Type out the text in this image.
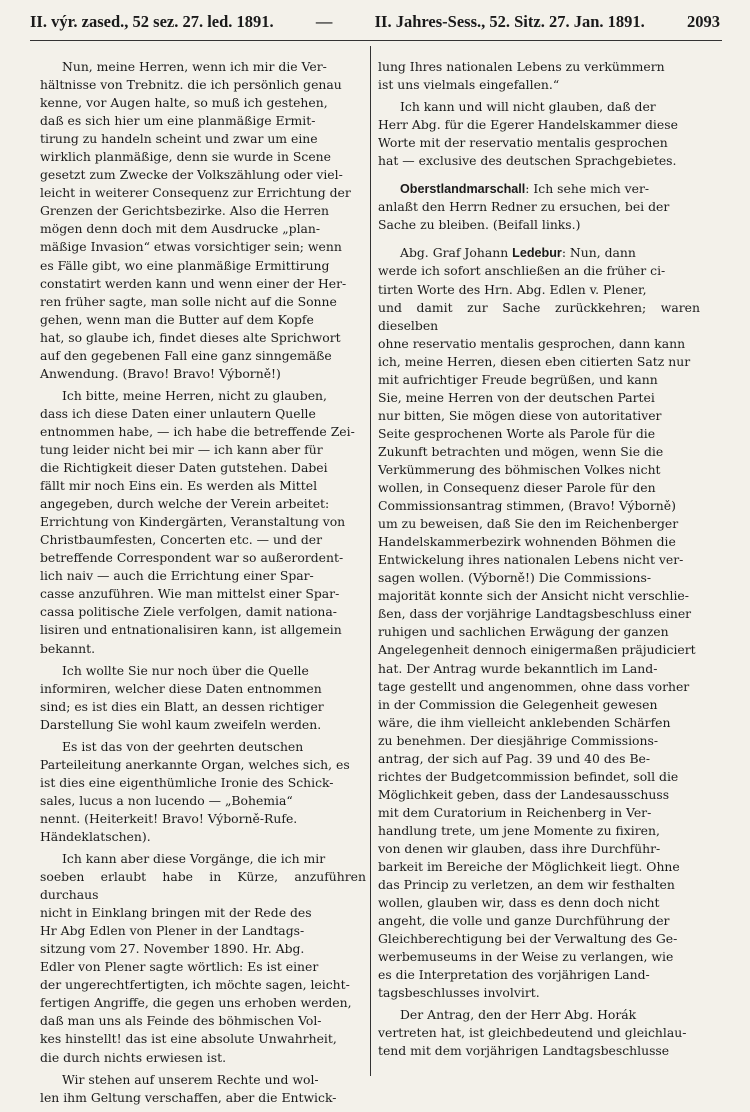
II. výr. zased., 52 sez. 27. led. 1891.	—	II. Jahres-Sess., 52. Sitz. 27. Jan. 1891.	2093

Nun, meine Herren, wenn ich mir die Ver-
hältnisse von Trebnitz. die ich persönlich genau
kenne, vor Augen halte, so muß ich gestehen,
daß es sich hier um eine planmäßige Ermit-
tirung zu handeln scheint und zwar um eine
wirklich planmäßige, denn sie wurde in Scene
gesetzt zum Zwecke der Volkszählung oder viel-
leicht in weiterer Consequenz zur Errichtung der
Grenzen der Gerichtsbezirke. Also die Herren
mögen denn doch mit dem Ausdrucke „plan-
mäßige Invasion“ etwas vorsichtiger sein; wenn
es Fälle gibt, wo eine planmäßige Ermittirung
constatirt werden kann und wenn einer der Her-
ren früher sagte, man solle nicht auf die Sonne
gehen, wenn man die Butter auf dem Kopfe
hat, so glaube ich, findet dieses alte Sprichwort
auf den gegebenen Fall eine ganz sinngemäße
Anwendung. (Bravo! Bravo! Výborně!)

Ich bitte, meine Herren, nicht zu glauben,
dass ich diese Daten einer unlautern Quelle
entnommen habe, — ich habe die betreffende Zei-
tung leider nicht bei mir — ich kann aber für
die Richtigkeit dieser Daten gutstehen. Dabei
fällt mir noch Eins ein. Es werden als Mittel
angegeben, durch welche der Verein arbeitet:
Errichtung von Kindergärten, Veranstaltung von
Christbaumfesten, Concerten etc. — und der
betreffende Correspondent war so außerordent-
lich naiv — auch die Errichtung einer Spar-
casse anzuführen. Wie man mittelst einer Spar-
cassa politische Ziele verfolgen, damit nationa-
lisiren und entnationalisiren kann, ist allgemein
bekannt.

Ich wollte Sie nur noch über die Quelle
informiren, welcher diese Daten entnommen
sind; es ist dies ein Blatt, an dessen richtiger
Darstellung Sie wohl kaum zweifeln werden.

Es ist das von der geehrten deutschen
Parteileitung anerkannte Organ, welches sich, es
ist dies eine eigenthümliche Ironie des Schick-
sales, lucus a non lucendo — „Bohemia“
nennt. (Heiterkeit! Bravo! Výborně-Rufe.
Händeklatschen).

Ich kann aber diese Vorgänge, die ich mir
soeben erlaubt habe in Kürze, anzuführen durchaus
nicht in Einklang bringen mit der Rede des
Hr Abg Edlen von Plener in der Landtags-
sitzung vom 27. November 1890. Hr. Abg.
Edler von Plener sagte wörtlich: Es ist einer
der ungerechtfertigten, ich möchte sagen, leicht-
fertigen Angriffe, die gegen uns erhoben werden,
daß man uns als Feinde des böhmischen Vol-
kes hinstellt! das ist eine absolute Unwahrheit,
die durch nichts erwiesen ist.

Wir stehen auf unserem Rechte und wol-
len ihm Geltung verschaffen, aber die Entwick-

lung Ihres nationalen Lebens zu verkümmern
ist uns vielmals eingefallen.“

Ich kann und will nicht glauben, daß der
Herr Abg. für die Egerer Handelskammer diese
Worte mit der reservatio mentalis gesprochen
hat — exclusive des deutschen Sprachgebietes.

Oberstlandmarschall: Ich sehe mich ver-
anlaßt den Herrn Redner zu ersuchen, bei der
Sache zu bleiben. (Beifall links.)

Abg. Graf Johann Ledebur: Nun, dann
werde ich sofort anschließen an die früher ci-
tirten Worte des Hrn. Abg. Edlen v. Plener,
und damit zur Sache zurückkehren; waren dieselben
ohne reservatio mentalis gesprochen, dann kann
ich, meine Herren, diesen eben citierten Satz nur
mit aufrichtiger Freude begrüßen, und kann
Sie, meine Herren von der deutschen Partei
nur bitten, Sie mögen diese von autoritativer
Seite gesprochenen Worte als Parole für die
Zukunft betrachten und mögen, wenn Sie die
Verkümmerung des böhmischen Volkes nicht
wollen, in Consequenz dieser Parole für den
Commissionsantrag stimmen, (Bravo! Výborně)
um zu beweisen, daß Sie den im Reichenberger
Handelskammerbezirk wohnenden Böhmen die
Entwickelung ihres nationalen Lebens nicht ver-
sagen wollen. (Výborně!) Die Commissions-
majorität konnte sich der Ansicht nicht verschlie-
ßen, dass der vorjährige Landtagsbeschluss einer
ruhigen und sachlichen Erwägung der ganzen
Angelegenheit dennoch einigermaßen präjudiciert
hat. Der Antrag wurde bekanntlich im Land-
tage gestellt und angenommen, ohne dass vorher
in der Commission die Gelegenheit gewesen
wäre, die ihm vielleicht anklebenden Schärfen
zu benehmen. Der diesjährige Commissions-
antrag, der sich auf Pag. 39 und 40 des Be-
richtes der Budgetcommission befindet, soll die
Möglichkeit geben, dass der Landesausschuss
mit dem Curatorium in Reichenberg in Ver-
handlung trete, um jene Momente zu fixiren,
von denen wir glauben, dass ihre Durchführ-
barkeit im Bereiche der Möglichkeit liegt. Ohne
das Princip zu verletzen, an dem wir festhalten
wollen, glauben wir, dass es denn doch nicht
angeht, die volle und ganze Durchführung der
Gleichberechtigung bei der Verwaltung des Ge-
werbemuseums in der Weise zu verlangen, wie
es die Interpretation des vorjährigen Land-
tagsbeschlusses involvirt.

Der Antrag, den der Herr Abg. Horák
vertreten hat, ist gleichbedeutend und gleichlau-
tend mit dem vorjährigen Landtagsbeschlusse
